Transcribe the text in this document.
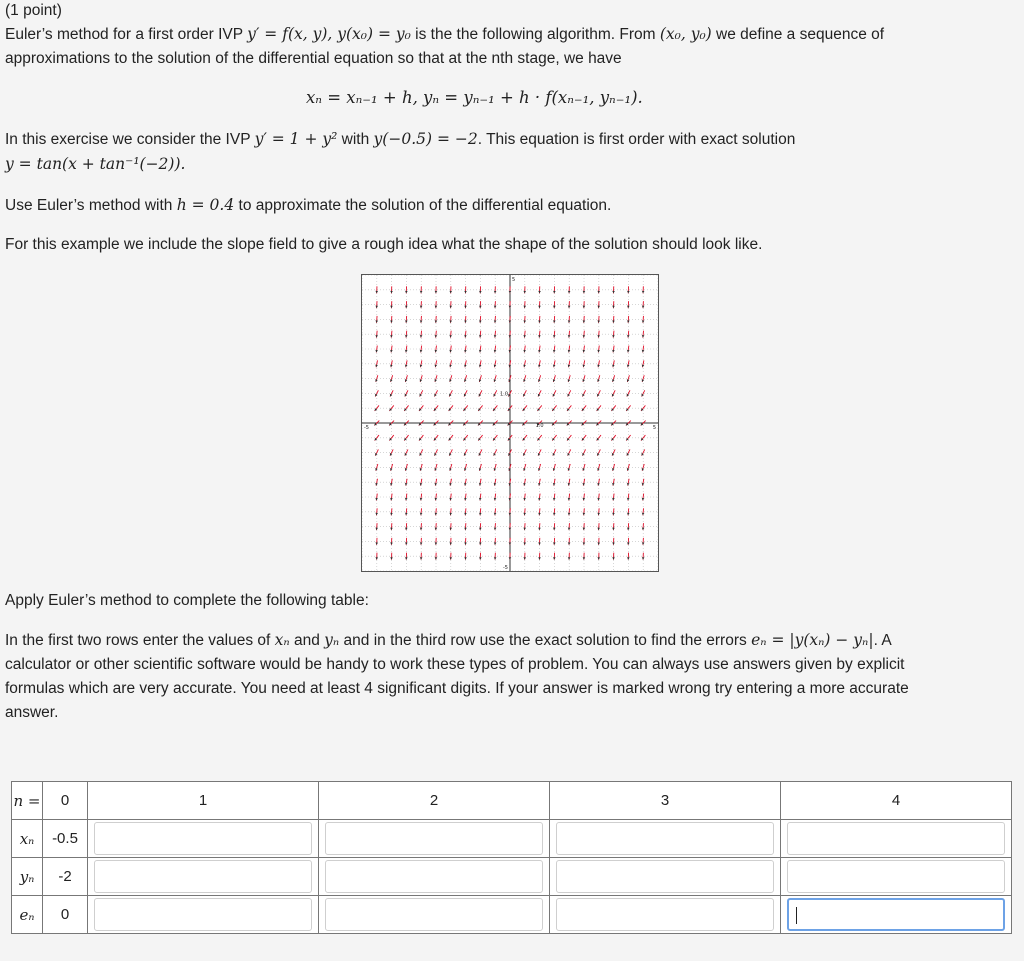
(1 point)
Euler’s method for a first order IVP y′ = f(x, y), y(x₀) = y₀ is the the following algorithm. From (x₀, y₀) we define a sequence of
approximations to the solution of the differential equation so that at the nth stage, we have
xₙ = xₙ₋₁ + h, yₙ = yₙ₋₁ + h · f(xₙ₋₁, yₙ₋₁).
In this exercise we consider the IVP y′ = 1 + y² with y(−0.5) = −2. This equation is first order with exact solution
y = tan(x + tan⁻¹(−2)).
Use Euler’s method with h = 0.4 to approximate the solution of the differential equation.
For this example we include the slope field to give a rough idea what the shape of the solution should look like.
5
-5
-5	5
1.0
1.0
Apply Euler’s method to complete the following table:
In the first two rows enter the values of xₙ and yₙ and in the third row use the exact solution to find the errors eₙ = |y(xₙ) − yₙ|. A
calculator or other scientific software would be handy to work these types of problem. You can always use answers given by explicit
formulas which are very accurate. You need at least 4 significant digits. If your answer is marked wrong try entering a more accurate
answer.
n =	0	1	2	3	4
xₙ	-0.5	

yₙ	-2	

eₙ	0	
